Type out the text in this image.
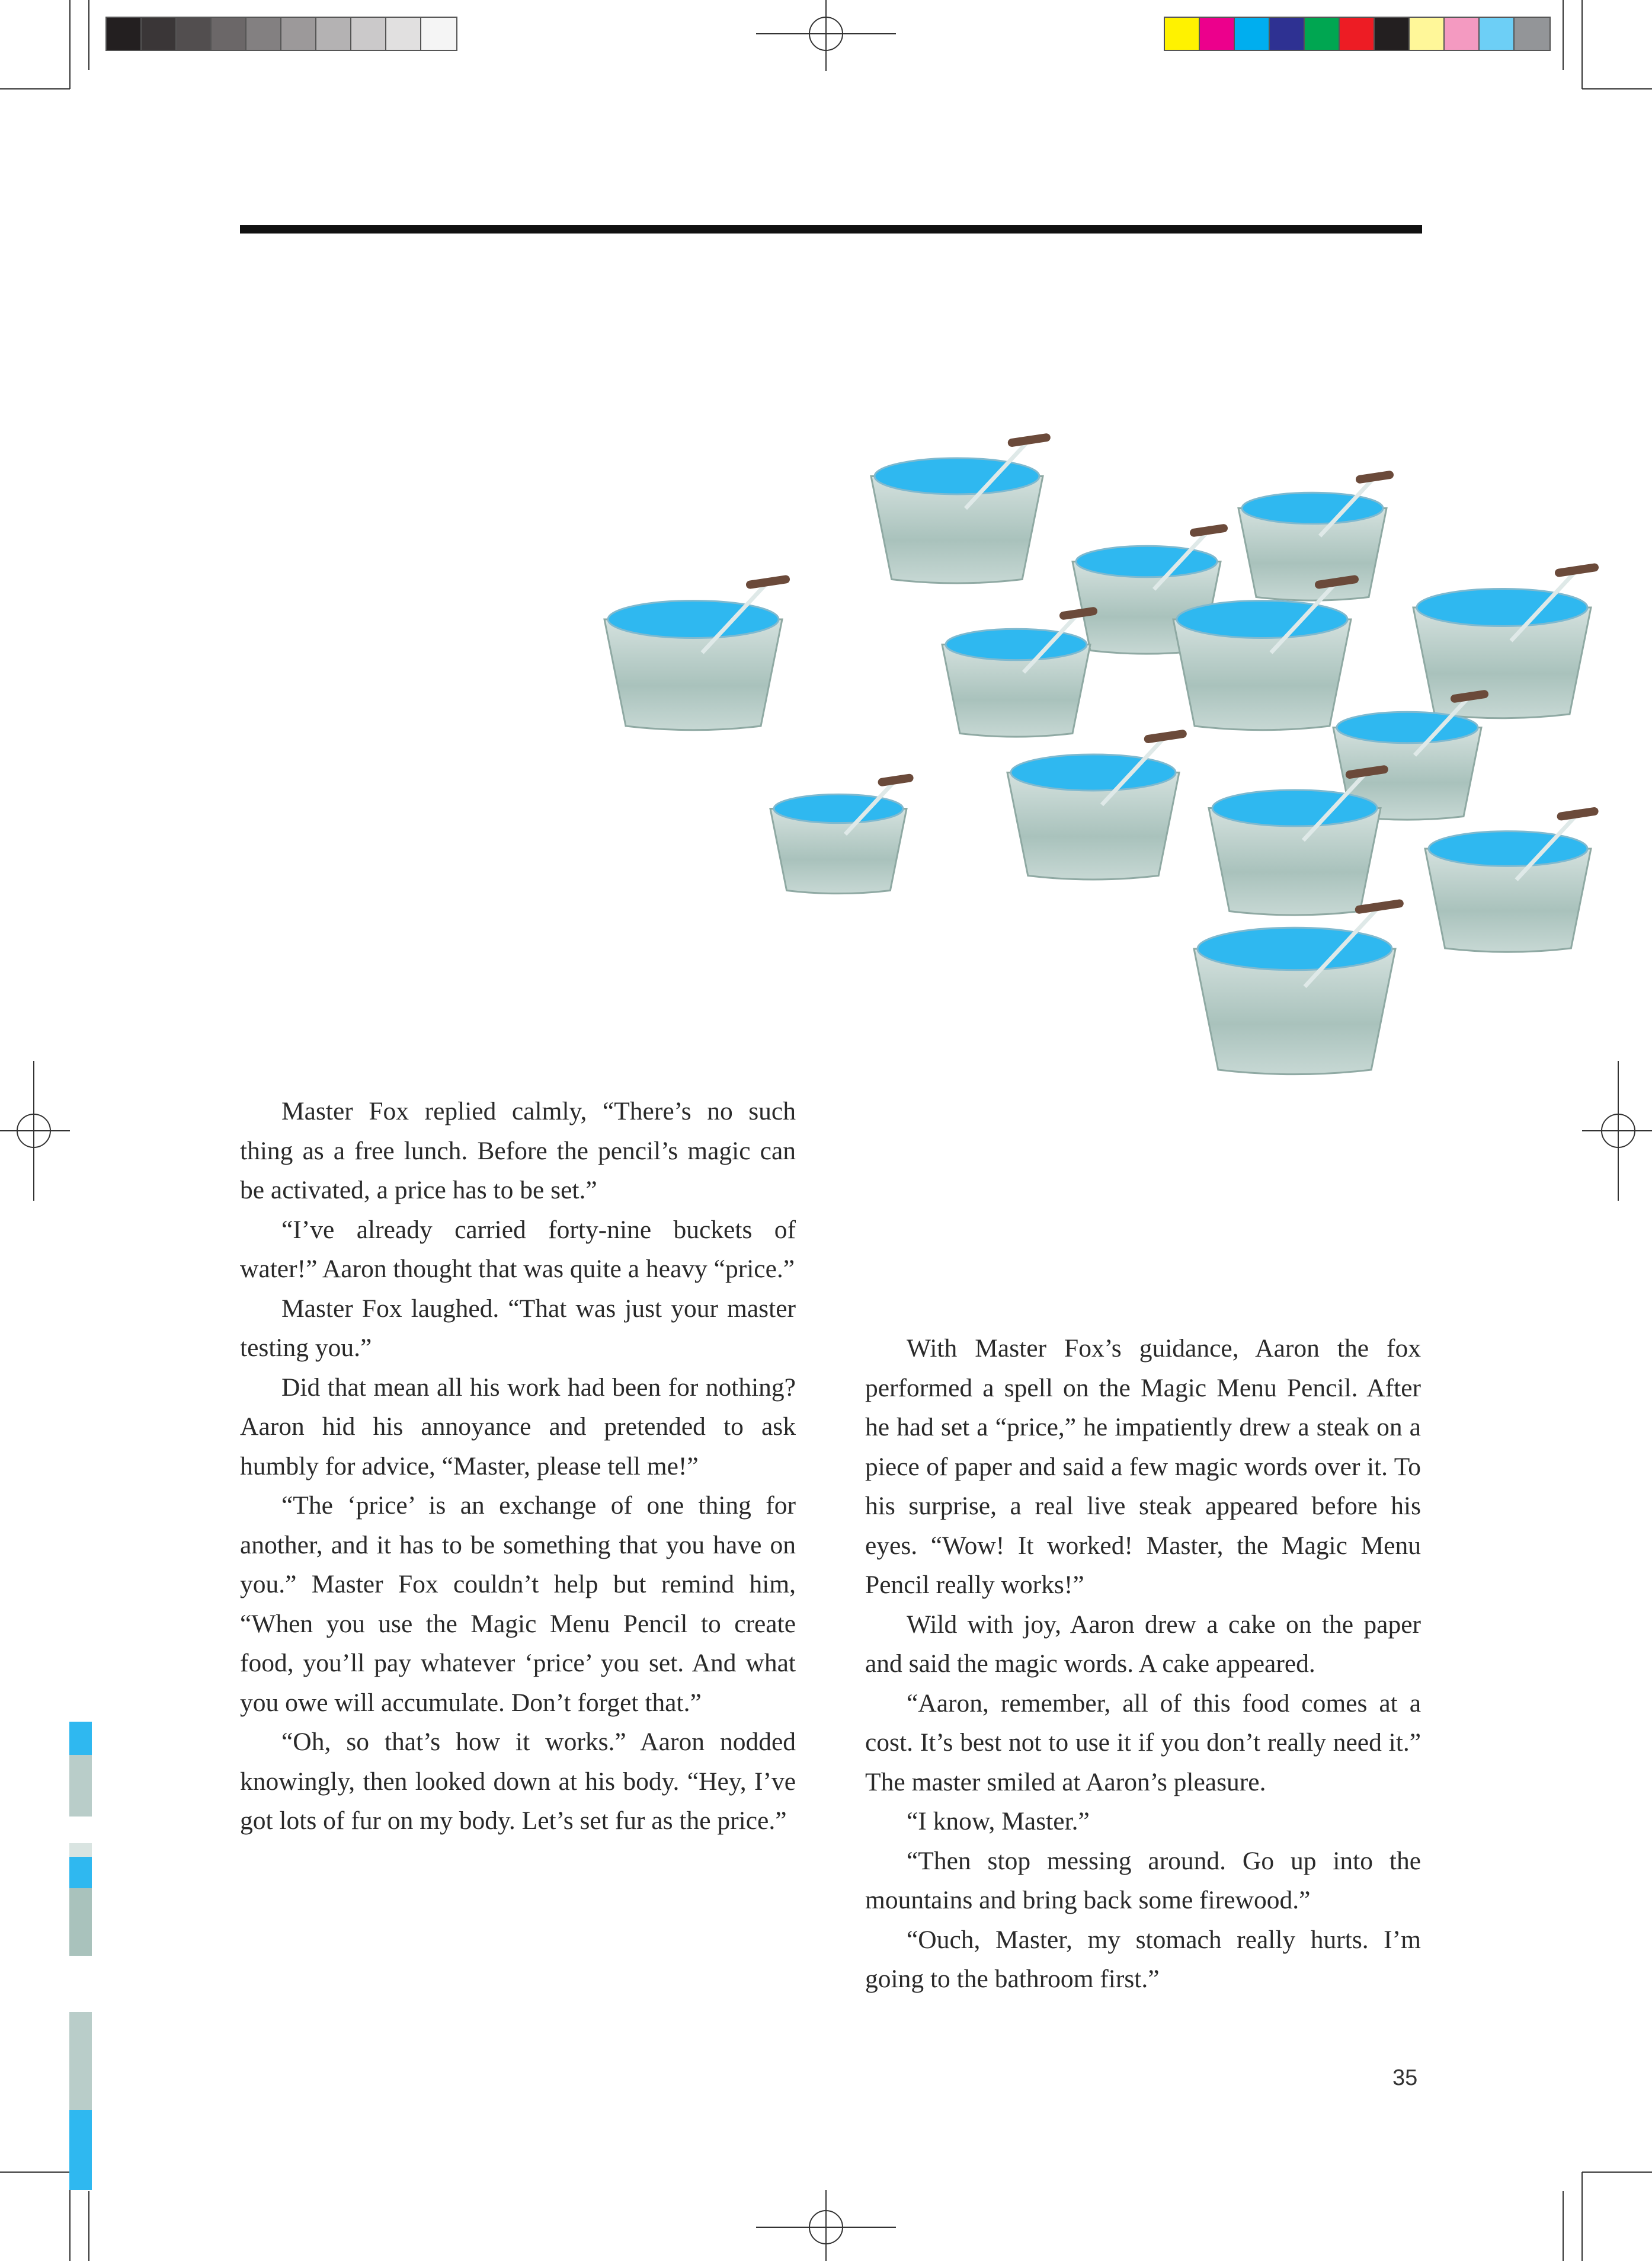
Master Fox replied calmly, “There’s no such thing as a free lunch. Before the pencil’s magic can be activated, a price has to be set.”

“I’ve already carried forty-nine buckets of water!” Aaron thought that was quite a heavy “price.”

Master Fox laughed. “That was just your master testing you.”

Did that mean all his work had been for nothing? Aaron hid his annoyance and pretended to ask humbly for advice, “Master, please tell me!”

“The ‘price’ is an exchange of one thing for another, and it has to be something that you have on you.” Master Fox couldn’t help but remind him, “When you use the Magic Menu Pencil to create food, you’ll pay whatever ‘price’ you set. And what you owe will accumulate. Don’t forget that.”

“Oh, so that’s how it works.” Aaron nodded knowingly, then looked down at his body. “Hey, I’ve got lots of fur on my body. Let’s set fur as the price.”

With Master Fox’s guidance, Aaron the fox performed a spell on the Magic Menu Pencil. After he had set a “price,” he impatiently drew a steak on a piece of paper and said a few magic words over it. To his surprise, a real live steak appeared before his eyes. “Wow! It worked! Master, the Magic Menu Pencil really works!”

Wild with joy, Aaron drew a cake on the paper and said the magic words. A cake appeared.

“Aaron, remember, all of this food comes at a cost. It’s best not to use it if you don’t really need it.” The master smiled at Aaron’s pleasure.

“I know, Master.”

“Then stop messing around. Go up into the mountains and bring back some firewood.”

“Ouch, Master, my stomach really hurts. I’m going to the bathroom first.”

35
